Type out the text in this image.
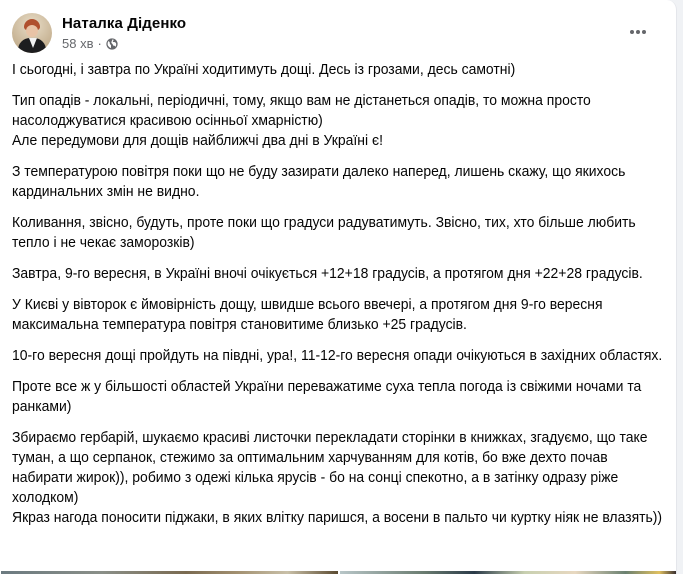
Наталка Діденко
58 хв ·

І сьогодні, і завтра по Україні ходитимуть дощі. Десь із грозами, десь самотні)

Тип опадів - локальні, періодичні, тому, якщо вам не дістанеться опадів, то можна просто насолоджуватися красивою осінньої хмарністю)
Але передумови для дощів найближчі два дні в Україні є!

З температурою повітря поки що не буду зазирати далеко наперед, лишень скажу, що якихось кардинальних змін не видно.

Коливання, звісно, будуть, проте поки що градуси радуватимуть. Звісно, тих, хто більше любить тепло і не чекає заморозків)

Завтра, 9-го вересня, в Україні вночі очікується +12+18 градусів, а протягом дня +22+28 градусів.

У Києві у вівторок є ймовірність дощу, швидше всього ввечері, а протягом дня 9-го вересня максимальна температура повітря становитиме близько +25 градусів.

10-го вересня дощі пройдуть на півдні, ура!, 11-12-го вересня опади очікуються в західних областях.

Проте все ж у більшості областей України переважатиме суха тепла погода із свіжими ночами та ранками)

Збираємо гербарій, шукаємо красиві листочки перекладати сторінки в книжках, згадуємо, що таке туман, а що серпанок, стежимо за оптимальним харчуванням для котів, бо вже дехто почав набирати жирок)), робимо з одежі кілька ярусів - бо на сонці спекотно, а в затінку одразу ріже холодком)
Якраз нагода поносити піджаки, в яких влітку паришся, а восени в пальто чи куртку ніяк не влазять))
